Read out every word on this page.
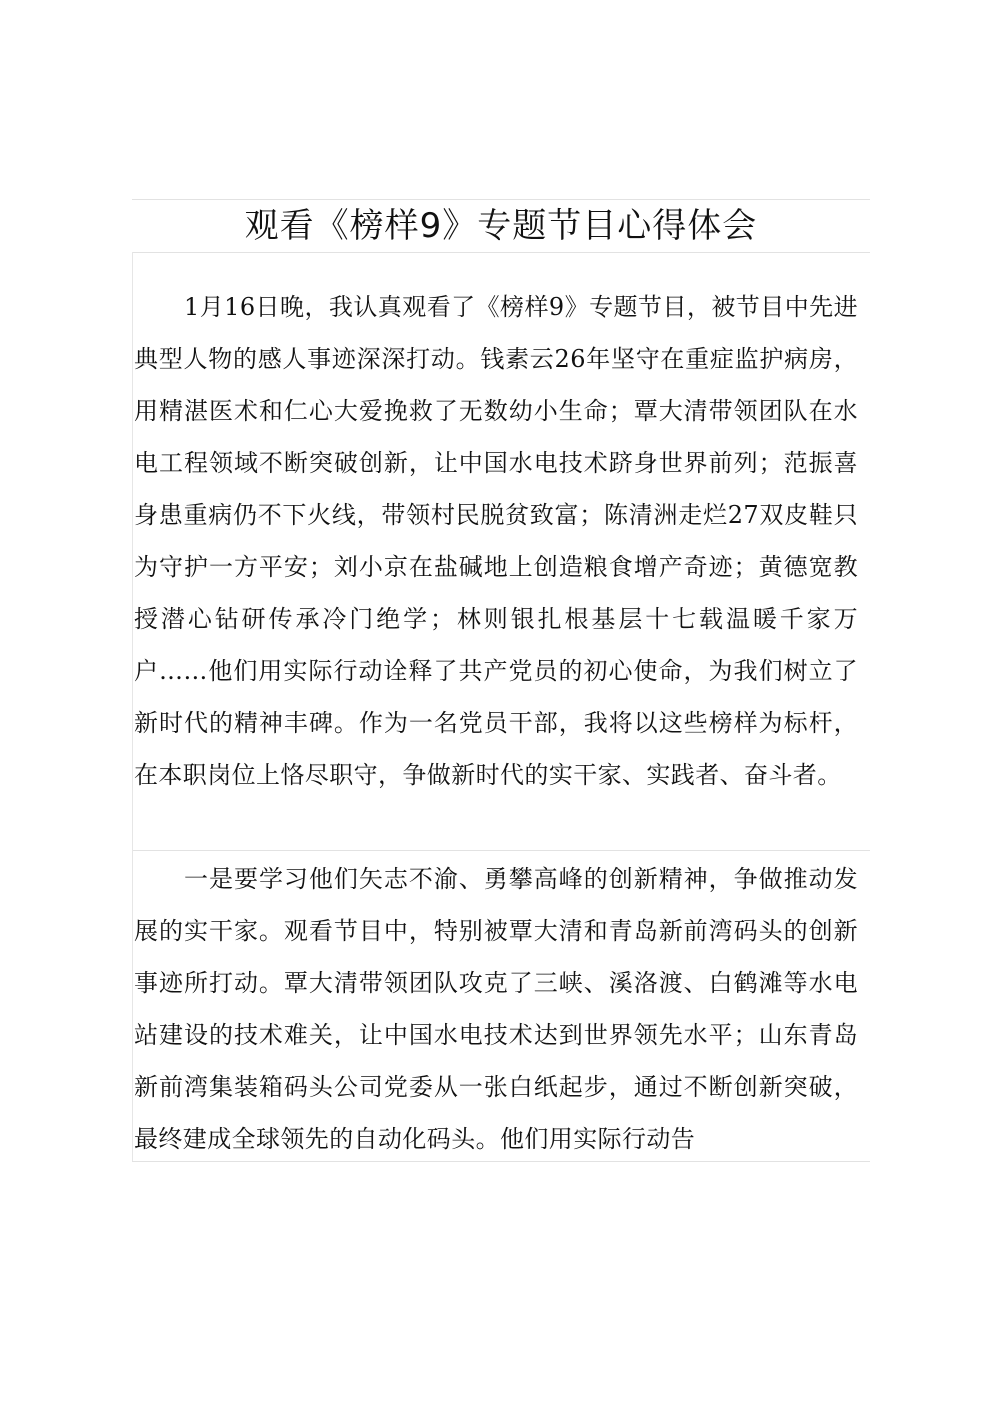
观看《榜样9》专题节目心得体会

1月16日晚，我认真观看了《榜样9》专题节目，被节目中先进典型人物的感人事迹深深打动。钱素云26年坚守在重症监护病房，用精湛医术和仁心大爱挽救了无数幼小生命；覃大清带领团队在水电工程领域不断突破创新，让中国水电技术跻身世界前列；范振喜身患重病仍不下火线，带领村民脱贫致富；陈清洲走烂27双皮鞋只为守护一方平安；刘小京在盐碱地上创造粮食增产奇迹；黄德宽教授潜心钻研传承冷门绝学；林则银扎根基层十七载温暖千家万户……他们用实际行动诠释了共产党员的初心使命，为我们树立了新时代的精神丰碑。作为一名党员干部，我将以这些榜样为标杆，在本职岗位上恪尽职守，争做新时代的实干家、实践者、奋斗者。

一是要学习他们矢志不渝、勇攀高峰的创新精神，争做推动发展的实干家。观看节目中，特别被覃大清和青岛新前湾码头的创新事迹所打动。覃大清带领团队攻克了三峡、溪洛渡、白鹤滩等水电站建设的技术难关，让中国水电技术达到世界领先水平；山东青岛新前湾集装箱码头公司党委从一张白纸起步，通过不断创新突破，最终建成全球领先的自动化码头。他们用实际行动告
